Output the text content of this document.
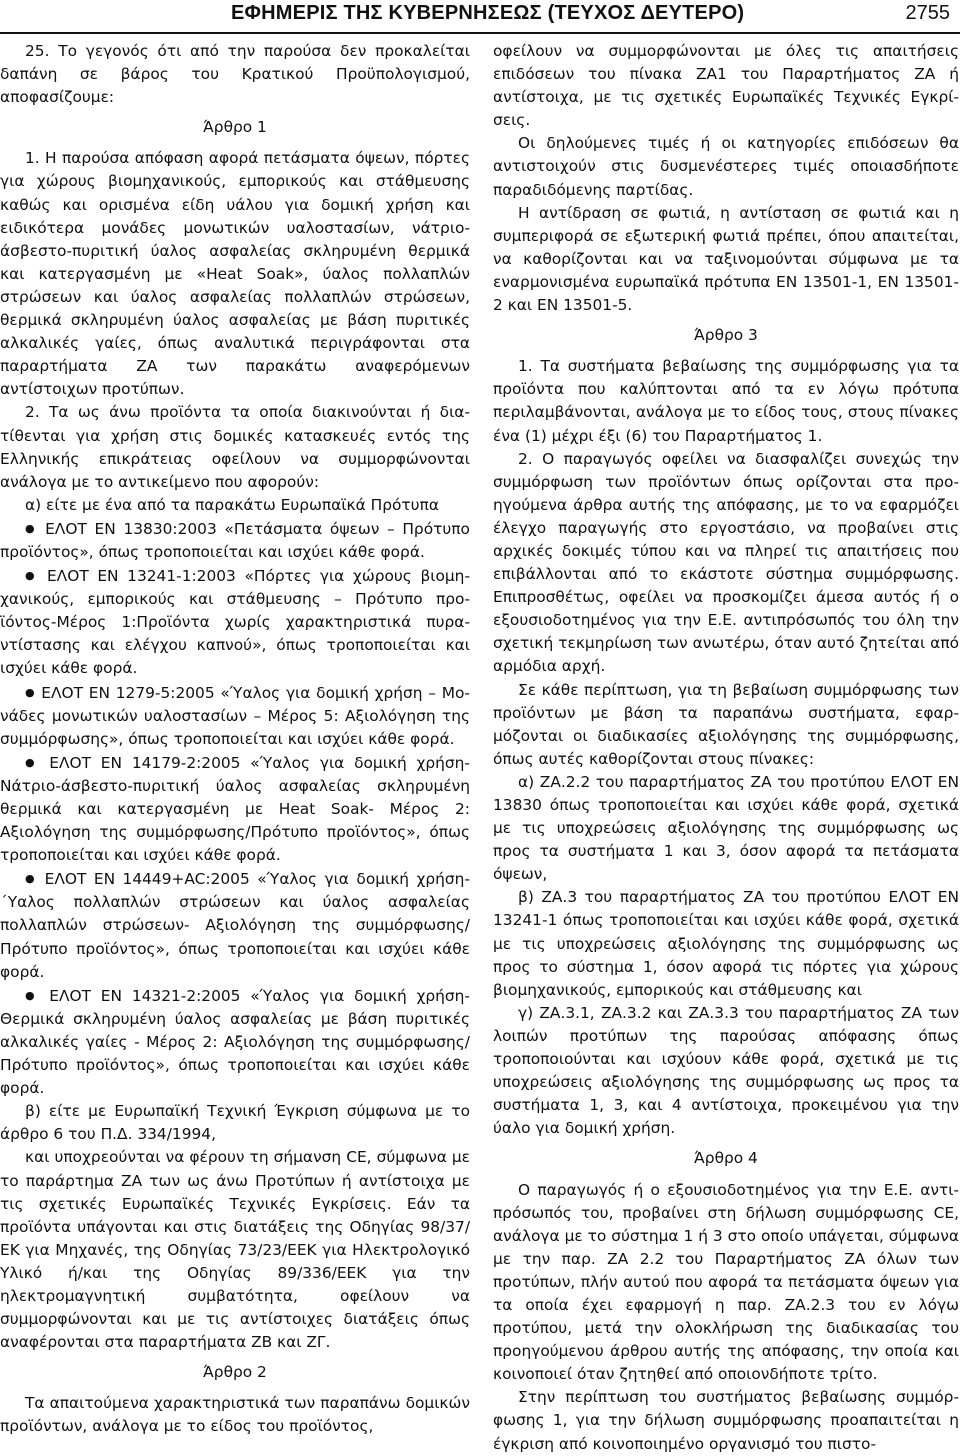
ΕΦΗΜΕΡΙΣ ΤΗΣ ΚΥΒΕΡΝΗΣΕΩΣ (ΤΕΥΧΟΣ ΔΕΥΤΕΡΟ)	2755

25. Το γεγονός ότι από την παρούσα δεν προκαλείται δαπάνη σε βάρος του Κρατικού Προϋπολογισμού, αποφασίζουμε:

Άρθρο 1

1. Η παρούσα απόφαση αφορά πετάσματα όψεων, πόρτες για χώρους βιομηχανικούς, εμπορικούς και στάθμευσης καθώς και ορισμένα είδη υάλου για δομική χρήση και ειδικότερα μονάδες μονωτικών υαλοστασίων, νάτριο-άσβεστο-πυριτική ύαλος ασφαλείας σκληρυμένη θερμικά και κατεργασμένη με «Heat Soak», ύαλος πολλαπλών στρώσεων και ύαλος ασφαλείας πολλαπλών στρώσεων, θερμικά σκληρυμένη ύαλος ασφαλείας με βάση πυριτικές αλκαλικές γαίες, όπως αναλυτικά περιγράφονται στα παραρτήματα ΖΑ των παρακάτω αναφερόμενων αντίστοιχων προτύπων.

2. Τα ως άνω προϊόντα τα οποία διακινούνται ή διατίθενται για χρήση στις δομικές κατασκευές εντός της Ελληνικής επικράτειας οφείλουν να συμμορφώνονται ανάλογα με το αντικείμενο που αφορούν:

α) είτε με ένα από τα παρακάτω Ευρωπαϊκά Πρότυπα

● ΕΛΟΤ ΕΝ 13830:2003 «Πετάσματα όψεων – Πρότυπο προϊόντος», όπως τροποποιείται και ισχύει κάθε φορά.

● ΕΛΟΤ ΕΝ 13241-1:2003 «Πόρτες για χώρους βιομηχανικούς, εμπορικούς και στάθμευσης – Πρότυπο προϊόντος-Μέρος 1:Προϊόντα χωρίς χαρακτηριστικά πυραντίστασης και ελέγχου καπνού», όπως τροποποιείται και ισχύει κάθε φορά.

● ΕΛΟΤ ΕΝ 1279-5:2005 «Ύαλος για δομική χρήση – Μονάδες μονωτικών υαλοστασίων – Μέρος 5: Αξιολόγηση της συμμόρφωσης», όπως τροποποιείται και ισχύει κάθε φορά.

● ΕΛΟΤ ΕΝ 14179-2:2005 «Ύαλος για δομική χρήση-Νάτριο-άσβεστο-πυριτική ύαλος ασφαλείας σκληρυμένη θερμικά και κατεργασμένη με Heat Soak- Μέρος 2: Αξιολόγηση της συμμόρφωσης/Πρότυπο προϊόντος», όπως τροποποιείται και ισχύει κάθε φορά.

● ΕΛΟΤ ΕΝ 14449+AC:2005 «Ύαλος για δομική χρήση-΄Υαλος πολλαπλών στρώσεων και ύαλος ασφαλείας πολλαπλών στρώσεων- Αξιολόγηση της συμμόρφωσης/ Πρότυπο προϊόντος», όπως τροποποιείται και ισχύει κάθε φορά.

● ΕΛΟΤ ΕΝ 14321-2:2005 «Ύαλος για δομική χρήση-Θερμικά σκληρυμένη ύαλος ασφαλείας με βάση πυριτικές αλκαλικές γαίες - Μέρος 2: Αξιολόγηση της συμμόρφωσης/Πρότυπο προϊόντος», όπως τροποποιείται και ισχύει κάθε φορά.

β) είτε με Ευρωπαϊκή Τεχνική Έγκριση σύμφωνα με το άρθρο 6 του Π.Δ. 334/1994,

και υποχρεούνται να φέρουν τη σήμανση CE, σύμφωνα με το παράρτημα ΖΑ των ως άνω Προτύπων ή αντίστοιχα με τις σχετικές Ευρωπαϊκές Τεχνικές Εγκρίσεις. Εάν τα προϊόντα υπάγονται και στις διατάξεις της Οδηγίας 98/37/ΕΚ για Μηχανές, της Οδηγίας 73/23/ΕΕΚ για Ηλεκτρολογικό Υλικό ή/και της Οδηγίας 89/336/ΕΕΚ για την ηλεκτρομαγνητική συμβατότητα, οφείλουν να συμμορφώνονται και με τις αντίστοιχες διατάξεις όπως αναφέρονται στα παραρτήματα ΖΒ και ΖΓ.

Άρθρο 2

Τα απαιτούμενα χαρακτηριστικά των παραπάνω δομικών προϊόντων, ανάλογα με το είδος του προϊόντος,

οφείλουν να συμμορφώνονται με όλες τις απαιτήσεις επιδόσεων του πίνακα ΖΑ1 του Παραρτήματος ΖΑ ή αντίστοιχα, με τις σχετικές Ευρωπαϊκές Τεχνικές Εγκρίσεις.

Οι δηλούμενες τιμές ή οι κατηγορίες επιδόσεων θα αντιστοιχούν στις δυσμενέστερες τιμές οποιασδήποτε παραδιδόμενης παρτίδας.

Η αντίδραση σε φωτιά, η αντίσταση σε φωτιά και η συμπεριφορά σε εξωτερική φωτιά πρέπει, όπου απαιτείται, να καθορίζονται και να ταξινομούνται σύμφωνα με τα εναρμονισμένα ευρωπαϊκά πρότυπα ΕΝ 13501-1, ΕΝ 13501-2 και ΕΝ 13501-5.

Άρθρο 3

1. Τα συστήματα βεβαίωσης της συμμόρφωσης για τα προϊόντα που καλύπτονται από τα εν λόγω πρότυπα περιλαμβάνονται, ανάλογα με το είδος τους, στους πίνακες ένα (1) μέχρι έξι (6) του Παραρτήματος 1.

2. Ο παραγωγός οφείλει να διασφαλίζει συνεχώς την συμμόρφωση των προϊόντων όπως ορίζονται στα προηγούμενα άρθρα αυτής της απόφασης, με το να εφαρμόζει έλεγχο παραγωγής στο εργοστάσιο, να προβαίνει στις αρχικές δοκιμές τύπου και να πληρεί τις απαιτήσεις που επιβάλλονται από το εκάστοτε σύστημα συμμόρφωσης. Επιπροσθέτως, οφείλει να προσκομίζει άμεσα αυτός ή ο εξουσιοδοτημένος για την Ε.Ε. αντιπρόσωπός του όλη την σχετική τεκμηρίωση των ανωτέρω, όταν αυτό ζητείται από αρμόδια αρχή.

Σε κάθε περίπτωση, για τη βεβαίωση συμμόρφωσης των προϊόντων με βάση τα παραπάνω συστήματα, εφαρμόζονται οι διαδικασίες αξιολόγησης της συμμόρφωσης, όπως αυτές καθορίζονται στους πίνακες:

α) ΖΑ.2.2 του παραρτήματος ΖΑ του προτύπου ΕΛΟΤ ΕΝ 13830 όπως τροποποιείται και ισχύει κάθε φορά, σχετικά με τις υποχρεώσεις αξιολόγησης της συμμόρφωσης ως προς τα συστήματα 1 και 3, όσον αφορά τα πετάσματα όψεων,

β) ΖΑ.3 του παραρτήματος ΖΑ του προτύπου ΕΛΟΤ ΕΝ 13241-1 όπως τροποποιείται και ισχύει κάθε φορά, σχετικά με τις υποχρεώσεις αξιολόγησης της συμμόρφωσης ως προς το σύστημα 1, όσον αφορά τις πόρτες για χώρους βιομηχανικούς, εμπορικούς και στάθμευσης και

γ) ΖΑ.3.1, ΖΑ.3.2 και ΖΑ.3.3 του παραρτήματος ΖΑ των λοιπών προτύπων της παρούσας απόφασης όπως τροποποιούνται και ισχύουν κάθε φορά, σχετικά με τις υποχρεώσεις αξιολόγησης της συμμόρφωσης ως προς τα συστήματα 1, 3, και 4 αντίστοιχα, προκειμένου για την ύαλο για δομική χρήση.

Άρθρο 4

Ο παραγωγός ή ο εξουσιοδοτημένος για την Ε.Ε. αντιπρόσωπός του, προβαίνει στη δήλωση συμμόρφωσης CE, ανάλογα με το σύστημα 1 ή 3 στο οποίο υπάγεται, σύμφωνα με την παρ. ΖΑ 2.2 του Παραρτήματος ΖΑ όλων των προτύπων, πλήν αυτού που αφορά τα πετάσματα όψεων για τα οποία έχει εφαρμογή η παρ. ΖΑ.2.3 του εν λόγω προτύπου, μετά την ολοκλήρωση της διαδικασίας του προηγούμενου άρθρου αυτής της απόφασης, την οποία και κοινοποιεί όταν ζητηθεί από οποιονδήποτε τρίτο.

Στην περίπτωση του συστήματος βεβαίωσης συμμόρφωσης 1, για την δήλωση συμμόρφωσης προαπαιτείται η έγκριση από κοινοποιημένο οργανισμό του πιστο-
